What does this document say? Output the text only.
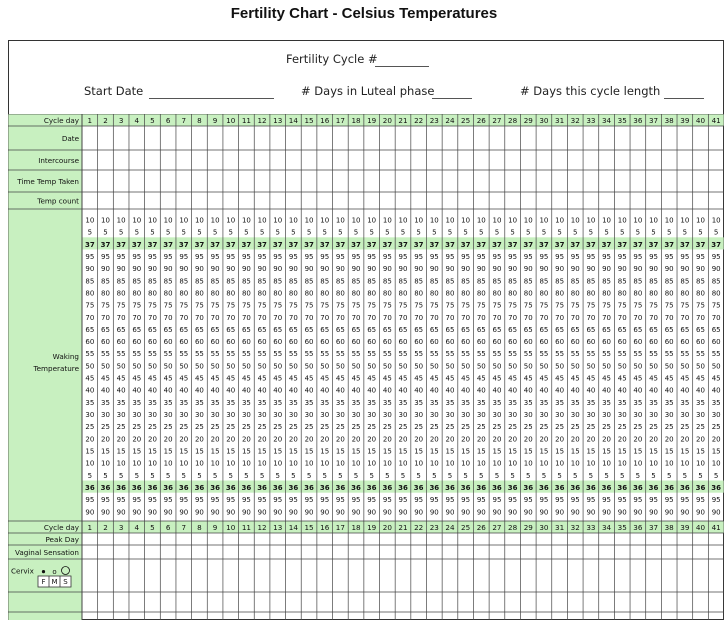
Fertility Chart - Celsius Temperatures
Fertility Cycle #
Start Date	# Days in Luteal phase	# Days this cycle length
10 10 10 10 10 10 10 10 10 10 10 10 10 10 10 10 10 10 10 10 10 10 10 10 10 10 10 10 10 10 10 10 10 10 10 10 10 10 10 10 10
5 5 5 5 5 5 5 5 5 5 5 5 5 5 5 5 5 5 5 5 5 5 5 5 5 5 5 5 5 5 5 5 5 5 5 5 5 5 5 5 5
37 37 37 37 37 37 37 37 37 37 37 37 37 37 37 37 37 37 37 37 37 37 37 37 37 37 37 37 37 37 37 37 37 37 37 37 37 37 37 37 37
95 95 95 95 95 95 95 95 95 95 95 95 95 95 95 95 95 95 95 95 95 95 95 95 95 95 95 95 95 95 95 95 95 95 95 95 95 95 95 95 95
90 90 90 90 90 90 90 90 90 90 90 90 90 90 90 90 90 90 90 90 90 90 90 90 90 90 90 90 90 90 90 90 90 90 90 90 90 90 90 90 90
85 85 85 85 85 85 85 85 85 85 85 85 85 85 85 85 85 85 85 85 85 85 85 85 85 85 85 85 85 85 85 85 85 85 85 85 85 85 85 85 85
80 80 80 80 80 80 80 80 80 80 80 80 80 80 80 80 80 80 80 80 80 80 80 80 80 80 80 80 80 80 80 80 80 80 80 80 80 80 80 80 80
75 75 75 75 75 75 75 75 75 75 75 75 75 75 75 75 75 75 75 75 75 75 75 75 75 75 75 75 75 75 75 75 75 75 75 75 75 75 75 75 75
70 70 70 70 70 70 70 70 70 70 70 70 70 70 70 70 70 70 70 70 70 70 70 70 70 70 70 70 70 70 70 70 70 70 70 70 70 70 70 70 70
65 65 65 65 65 65 65 65 65 65 65 65 65 65 65 65 65 65 65 65 65 65 65 65 65 65 65 65 65 65 65 65 65 65 65 65 65 65 65 65 65
60 60 60 60 60 60 60 60 60 60 60 60 60 60 60 60 60 60 60 60 60 60 60 60 60 60 60 60 60 60 60 60 60 60 60 60 60 60 60 60 60
55 55 55 55 55 55 55 55 55 55 55 55 55 55 55 55 55 55 55 55 55 55 55 55 55 55 55 55 55 55 55 55 55 55 55 55 55 55 55 55 55
50 50 50 50 50 50 50 50 50 50 50 50 50 50 50 50 50 50 50 50 50 50 50 50 50 50 50 50 50 50 50 50 50 50 50 50 50 50 50 50 50
45 45 45 45 45 45 45 45 45 45 45 45 45 45 45 45 45 45 45 45 45 45 45 45 45 45 45 45 45 45 45 45 45 45 45 45 45 45 45 45 45
40 40 40 40 40 40 40 40 40 40 40 40 40 40 40 40 40 40 40 40 40 40 40 40 40 40 40 40 40 40 40 40 40 40 40 40 40 40 40 40 40
35 35 35 35 35 35 35 35 35 35 35 35 35 35 35 35 35 35 35 35 35 35 35 35 35 35 35 35 35 35 35 35 35 35 35 35 35 35 35 35 35
30 30 30 30 30 30 30 30 30 30 30 30 30 30 30 30 30 30 30 30 30 30 30 30 30 30 30 30 30 30 30 30 30 30 30 30 30 30 30 30 30
25 25 25 25 25 25 25 25 25 25 25 25 25 25 25 25 25 25 25 25 25 25 25 25 25 25 25 25 25 25 25 25 25 25 25 25 25 25 25 25 25
20 20 20 20 20 20 20 20 20 20 20 20 20 20 20 20 20 20 20 20 20 20 20 20 20 20 20 20 20 20 20 20 20 20 20 20 20 20 20 20 20
15 15 15 15 15 15 15 15 15 15 15 15 15 15 15 15 15 15 15 15 15 15 15 15 15 15 15 15 15 15 15 15 15 15 15 15 15 15 15 15 15
10 10 10 10 10 10 10 10 10 10 10 10 10 10 10 10 10 10 10 10 10 10 10 10 10 10 10 10 10 10 10 10 10 10 10 10 10 10 10 10 10
5 5 5 5 5 5 5 5 5 5 5 5 5 5 5 5 5 5 5 5 5 5 5 5 5 5 5 5 5 5 5 5 5 5 5 5 5 5 5 5 5
36 36 36 36 36 36 36 36 36 36 36 36 36 36 36 36 36 36 36 36 36 36 36 36 36 36 36 36 36 36 36 36 36 36 36 36 36 36 36 36 36
95 95 95 95 95 95 95 95 95 95 95 95 95 95 95 95 95 95 95 95 95 95 95 95 95 95 95 95 95 95 95 95 95 95 95 95 95 95 95 95 95
90 90 90 90 90 90 90 90 90 90 90 90 90 90 90 90 90 90 90 90 90 90 90 90 90 90 90 90 90 90 90 90 90 90 90 90 90 90 90 90 90
Cycle day 1 2 3 4 5 6 7 8 9 10 11 12 13 14 15 16 17 18 19 20 21 22 23 24 25 26 27 28 29 30 31 32 33 34 35 36 37 38 39 40 41
Date
Intercourse
Time Temp Taken
Temp count
Cycle day 1 2 3 4 5 6 7 8 9 10 11 12 13 14 15 16 17 18 19 20 21 22 23 24 25 26 27 28 29 30 31 32 33 34 35 36 37 38 39 40 41
Peak Day
Vaginal Sensation
Waking
Temperature
Cervix
F M S
o
